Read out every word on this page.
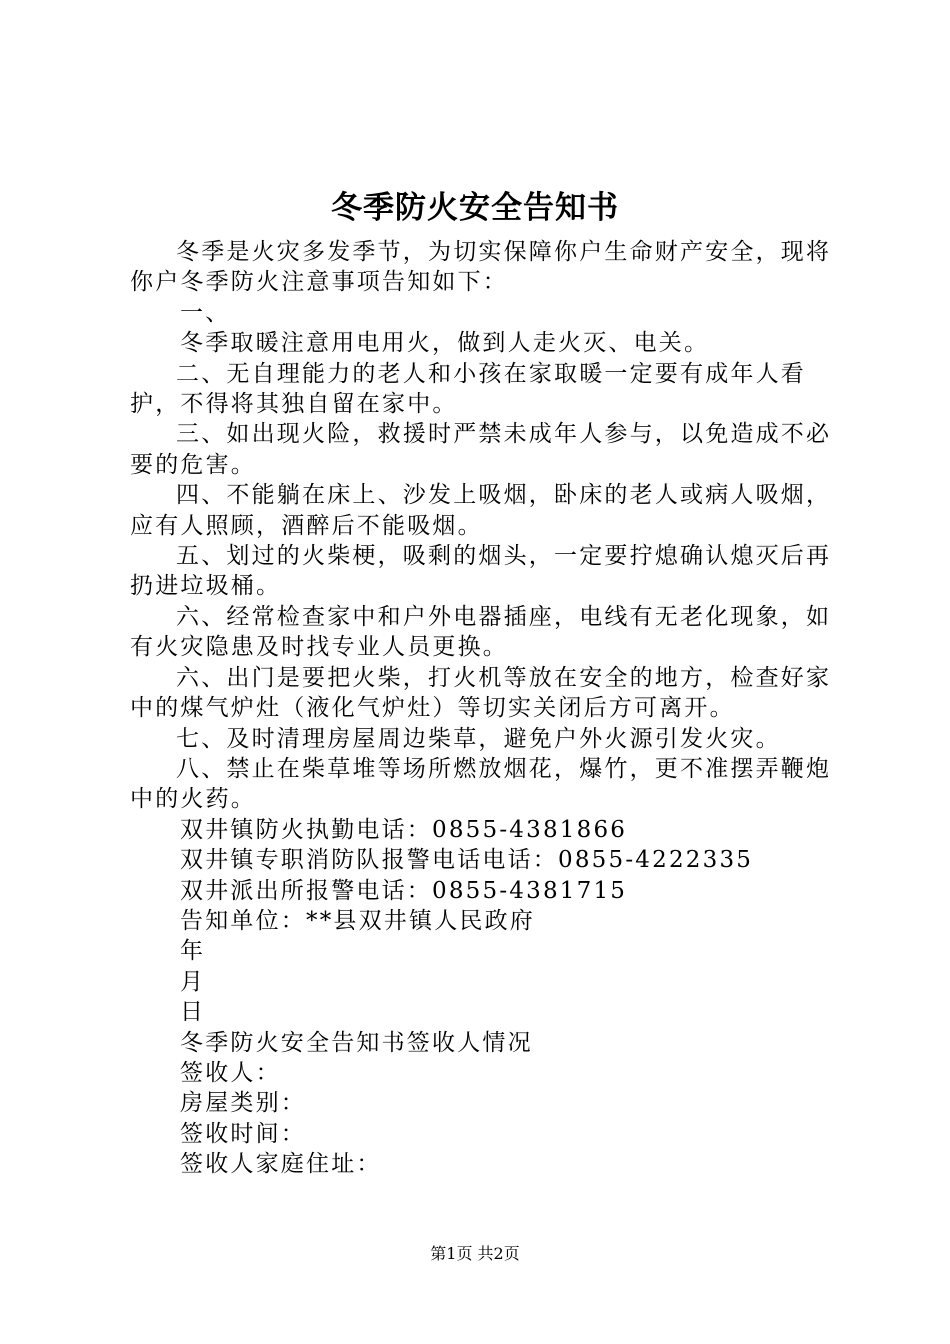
冬季防火安全告知书

冬季是火灾多发季节，为切实保障你户生命财产安全，现将你户冬季防火注意事项告知如下：

一、

冬季取暖注意用电用火，做到人走火灭、电关。

二、无自理能力的老人和小孩在家取暖一定要有成年人看护，不得将其独自留在家中。

三、如出现火险，救援时严禁未成年人参与，以免造成不必要的危害。

四、不能躺在床上、沙发上吸烟，卧床的老人或病人吸烟，应有人照顾，酒醉后不能吸烟。

五、划过的火柴梗，吸剩的烟头，一定要拧熄确认熄灭后再扔进垃圾桶。

六、经常检查家中和户外电器插座，电线有无老化现象，如有火灾隐患及时找专业人员更换。

六、出门是要把火柴，打火机等放在安全的地方，检查好家中的煤气炉灶（液化气炉灶）等切实关闭后方可离开。

七、及时清理房屋周边柴草，避免户外火源引发火灾。

八、禁止在柴草堆等场所燃放烟花，爆竹，更不准摆弄鞭炮中的火药。

双井镇防火执勤电话：0855-4381866

双井镇专职消防队报警电话电话：0855-4222335

双井派出所报警电话：0855-4381715

告知单位：**县双井镇人民政府

年

月

日

冬季防火安全告知书签收人情况

签收人：

房屋类别：

签收时间：

签收人家庭住址：

第1页 共2页
